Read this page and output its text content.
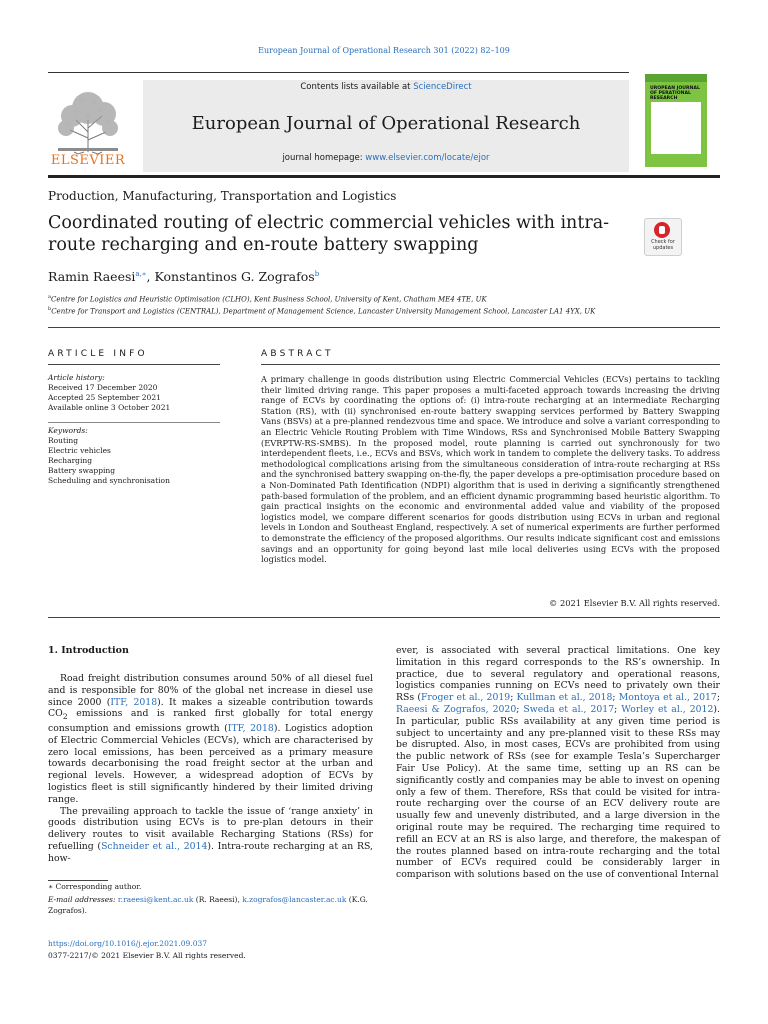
European Journal of Operational Research 301 (2022) 82–109
ELSEVIER
Contents lists available at ScienceDirect
European Journal of Operational Research
journal homepage: www.elsevier.com/locate/ejor
UROPEAN JOURNAL OF PERATIONAL RESEARCH
Production, Manufacturing, Transportation and Logistics
Coordinated routing of electric commercial vehicles with intra-route recharging and en-route battery swapping	Check for updates
Ramin Raeesi$^{a,∗}$, Konstantinos G. Zografos$^b$
$^a$Centre for Logistics and Heuristic Optimisation (CLHO), Kent Business School, University of Kent, Chatham ME4 4TE, UK
$^b$Centre for Transport and Logistics (CENTRAL), Department of Management Science, Lancaster University Management School, Lancaster LA1 4YX, UK
ARTICLE INFO	ABSTRACT
Article history:
Received 17 December 2020
Accepted 25 September 2021
Available online 3 October 2021
Keywords:
Routing
Electric vehicles
Recharging
Battery swapping
Scheduling and synchronisation
A primary challenge in goods distribution using Electric Commercial Vehicles (ECVs) pertains to tackling their limited driving range. This paper proposes a multi-faceted approach towards increasing the driving range of ECVs by coordinating the options of: (i) intra-route recharging at an intermediate Recharging Station (RS), with (ii) synchronised en-route battery swapping services performed by Battery Swapping Vans (BSVs) at a pre-planned rendezvous time and space. We introduce and solve a variant corresponding to an Electric Vehicle Routing Problem with Time Windows, RSs and Synchronised Mobile Battery Swapping (EVRPTW-RS-SMBS). In the proposed model, route planning is carried out synchronously for two interdependent fleets, i.e., ECVs and BSVs, which work in tandem to complete the delivery tasks. To address methodological complications arising from the simultaneous consideration of intra-route recharging at RSs and the synchronised battery swapping on-the-fly, the paper develops a pre-optimisation procedure based on a Non-Dominated Path Identification (NDPI) algorithm that is used in deriving a significantly strengthened path-based formulation of the problem, and an efficient dynamic programming based heuristic algorithm. To gain practical insights on the economic and environmental added value and viability of the proposed logistics model, we compare different scenarios for goods distribution using ECVs in urban and regional levels in London and Southeast England, respectively. A set of numerical experiments are further performed to demonstrate the efficiency of the proposed algorithms. Our results indicate significant cost and emissions savings and an opportunity for going beyond last mile local deliveries using ECVs with the proposed logistics model.
© 2021 Elsevier B.V. All rights reserved.
1. Introduction

Road freight distribution consumes around 50% of all diesel fuel and is responsible for 80% of the global net increase in diesel use since 2000 (ITF, 2018). It makes a sizeable contribution towards $CO_2$ emissions and is ranked first globally for total energy consumption and emissions growth (ITF, 2018). Logistics adoption of Electric Commercial Vehicles (ECVs), which are characterised by zero local emissions, has been perceived as a primary measure towards decarbonising the road freight sector at the urban and regional levels. However, a widespread adoption of ECVs by logistics fleet is still significantly hindered by their limited driving range.

The prevailing approach to tackle the issue of ‘range anxiety’ in goods distribution using ECVs is to pre-plan detours in their delivery routes to visit available Recharging Stations (RSs) for refuelling (Schneider et al., 2014). Intra-route recharging at an RS, how-

ever, is associated with several practical limitations. One key limitation in this regard corresponds to the RS’s ownership. In practice, due to several regulatory and operational reasons, logistics companies running on ECVs need to privately own their RSs (Froger et al., 2019; Kullman et al., 2018; Montoya et al., 2017; Raeesi & Zografos, 2020; Sweda et al., 2017; Worley et al., 2012). In particular, public RSs availability at any given time period is subject to uncertainty and any pre-planned visit to these RSs may be disrupted. Also, in most cases, ECVs are prohibited from using the public network of RSs (see for example Tesla’s Supercharger Fair Use Policy). At the same time, setting up an RS can be significantly costly and companies may be able to invest on opening only a few of them. Therefore, RSs that could be visited for intra-route recharging over the course of an ECV delivery route are usually few and unevenly distributed, and a large diversion in the original route may be required. The recharging time required to refill an ECV at an RS is also large, and therefore, the makespan of the routes planned based on intra-route recharging and the total number of ECVs required could be considerably larger in comparison with solutions based on the use of conventional Internal
∗ Corresponding author.
E-mail addresses: r.raeesi@kent.ac.uk (R. Raeesi), k.zografos@lancaster.ac.uk (K.G. Zografos).
https://doi.org/10.1016/j.ejor.2021.09.037
0377-2217/© 2021 Elsevier B.V. All rights reserved.
